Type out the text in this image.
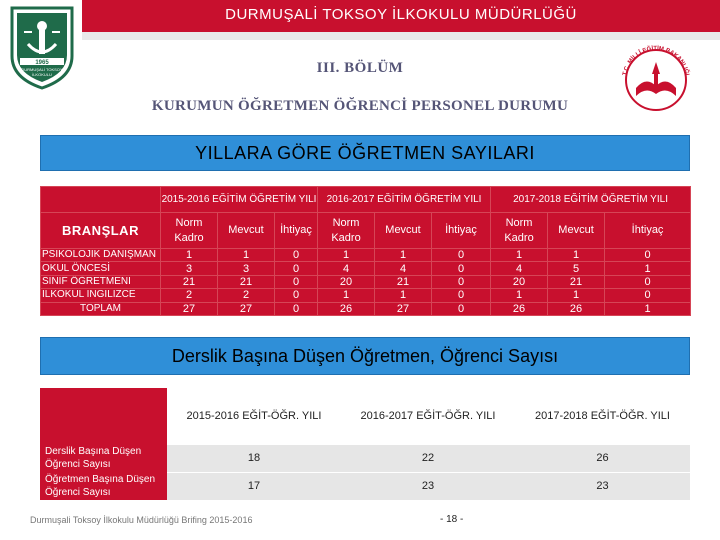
DURMUŞALİ TOKSOY İLKOKULU MÜDÜRLÜĞÜ
1965
DURMUŞALİ TOKSOY
İLKOKULU	T.C. MİLLÎ EĞİTİM BAKANLIĞI
III. BÖLÜM
KURUMUN ÖĞRETMEN ÖĞRENCİ PERSONEL DURUMU
YILLARA GÖRE ÖĞRETMEN SAYILARI
	2015-2016 EĞİTİM ÖĞRETİM YILI			2016-2017 EĞİTİM ÖĞRETİM YILI			2017-2018 EĞİTİM ÖĞRETİM YILI		
BRANŞLAR	Norm
Kadro	Mevcut	İhtiyaç	Norm
Kadro	Mevcut	İhtiyaç	Norm
Kadro	Mevcut	İhtiyaç
PSİKOLOJİK DANIŞMAN	1	1	0	1	1	0	1	1	0
OKUL ÖNCESİ	3	3	0	4	4	0	4	5	1
SINIF ÖĞRETMENİ	21	21	0	20	21	0	20	21	0
İLKOKUL İNGİLİZCE	2	2	0	1	1	0	1	1	0
TOPLAM	27	27	0	26	27	0	26	26	1
Derslik Başına Düşen Öğretmen, Öğrenci Sayısı
	2015-2016 EĞİT-ÖĞR. YILI	2016-2017 EĞİT-ÖĞR. YILI	2017-2018 EĞİT-ÖĞR. YILI
Derslik Başına Düşen
Öğrenci Sayısı	18	22	26
Öğretmen Başına Düşen
Öğrenci Sayısı	17	23	23
Durmuşali Toksoy İlkokulu Müdürlüğü Brifing 2015-2016	- 18 -
